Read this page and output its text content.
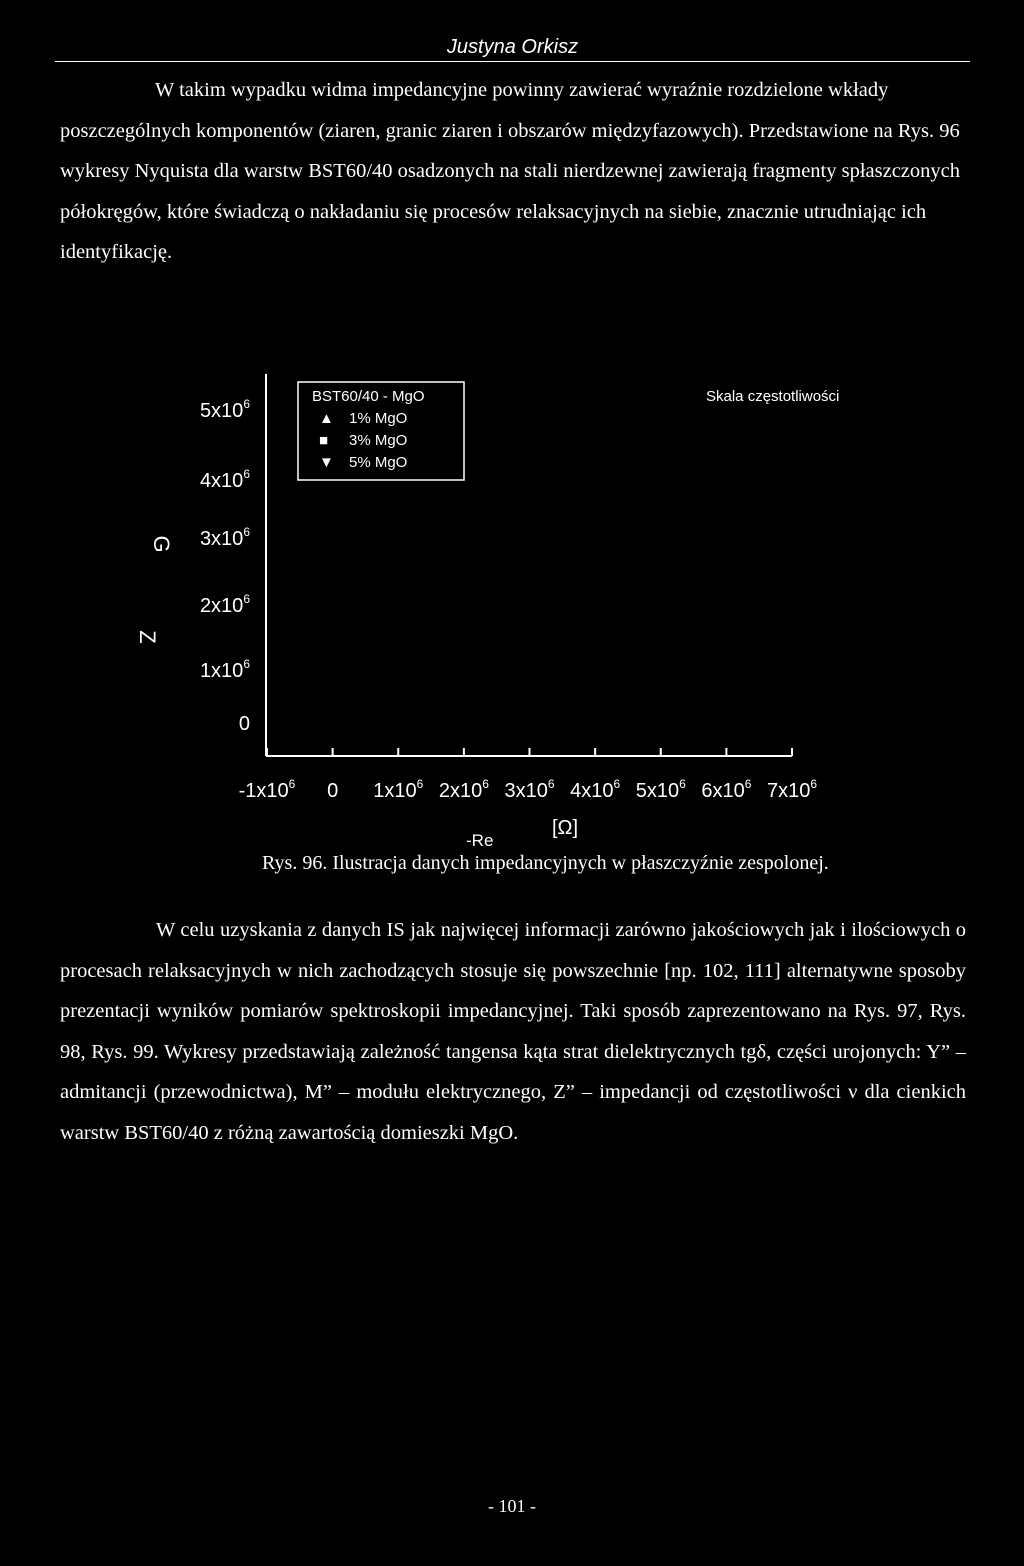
Justyna Orkisz

W takim wypadku widma impedancyjne powinny zawierać wyraźnie rozdzielone wkłady poszczególnych komponentów (ziaren, granic ziaren i obszarów międzyfazowych). Przedstawione na Rys. 96 wykresy Nyquista dla warstw BST60/40 osadzonych na stali nierdzewnej zawierają fragmenty spłaszczonych półokręgów, które świadczą o nakładaniu się procesów relaksacyjnych na siebie, znacznie utrudniając ich identyfikację.

BST60/40 - MgO
▲ 1% MgO
■ 3% MgO
▼ 5% MgO
Skala częstotliwości
G
Z
-Re
[Ω]
$5x10^6$
$4x10^6$
$3x10^6$
$2x10^6$
$1x10^6$
0
$-1x10^6$ 0 $1x10^6$ $2x10^6$ $3x10^6$ $4x10^6$ $5x10^6$ $6x10^6$ $7x10^6$
Rys. 96. Ilustracja danych impedancyjnych w płaszczyźnie zespolonej.

W celu uzyskania z danych IS jak najwięcej informacji zarówno jakościowych jak i ilościowych o procesach relaksacyjnych w nich zachodzących stosuje się powszechnie [np. 102, 111] alternatywne sposoby prezentacji wyników pomiarów spektroskopii impedancyjnej. Taki sposób zaprezentowano na Rys. 97, Rys. 98, Rys. 99. Wykresy przedstawiają zależność tangensa kąta strat dielektrycznych tgδ, części urojonych: Y” – admitancji (przewodnictwa), M” – modułu elektrycznego, Z” – impedancji od częstotliwości ν dla cienkich warstw BST60/40 z różną zawartością domieszki MgO.

- 101 -
